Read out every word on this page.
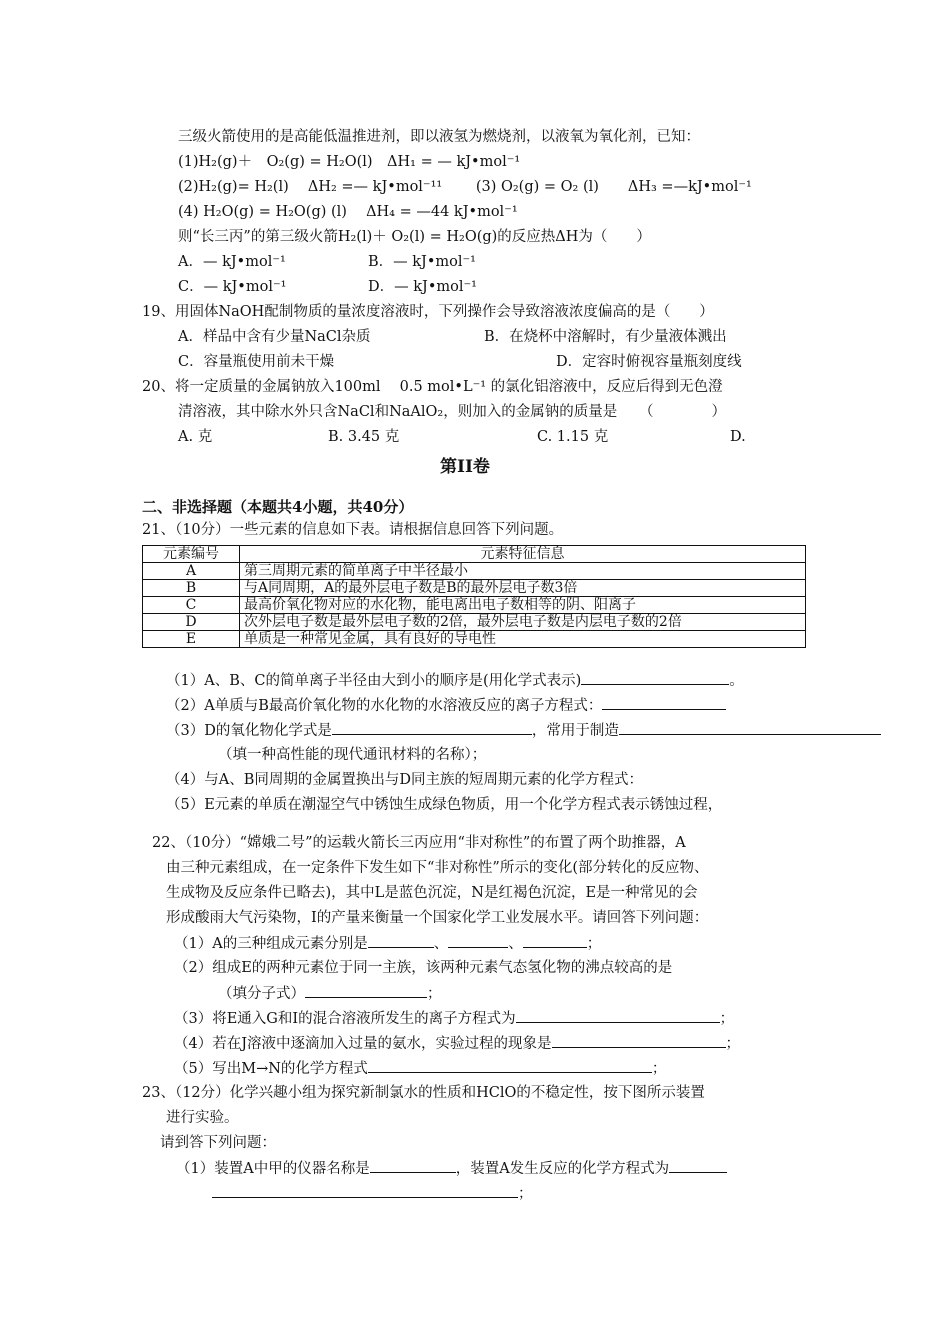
三级火箭使用的是高能低温推进剂，即以液氢为燃烧剂，以液氧为氧化剂，已知：
(1)H₂(g)＋　O₂(g) = H₂O(l)　ΔH₁ = — kJ•mol⁻¹
(2)H₂(g)= H₂(l)　 ΔH₂ =— kJ•mol⁻¹¹　　 (3) O₂(g) = O₂ (l)　　ΔH₃ =—kJ•mol⁻¹
(4) H₂O(g) = H₂O(g) (l)　 ΔH₄ = —44 kJ•mol⁻¹
则“长三丙”的第三级火箭H₂(l)＋ O₂(l) = H₂O(g)的反应热ΔH为（　　）
A．— kJ•mol⁻¹	B．— kJ•mol⁻¹
C．— kJ•mol⁻¹	D．— kJ•mol⁻¹
19、用固体NaOH配制物质的量浓度溶液时，下列操作会导致溶液浓度偏高的是（　　）
A．样品中含有少量NaCl杂质	B．在烧杯中溶解时，有少量液体溅出
C．容量瓶使用前未干燥	D．定容时俯视容量瓶刻度线
20、将一定质量的金属钠放入100ml　 0.5 mol•L⁻¹ 的氯化铝溶液中，反应后得到无色澄
清溶液，其中除水外只含NaCl和NaAlO₂，则加入的金属钠的质量是　　（　　　　）
A. 克	B. 3.45 克	C. 1.15 克	D.
第II卷
二、非选择题（本题共4小题，共40分）
21、（10分）一些元素的信息如下表。请根据信息回答下列问题。
元素编号	元素特征信息
A	第三周期元素的简单离子中半径最小
B	与A同周期，A的最外层电子数是B的最外层电子数3倍
C	最高价氧化物对应的水化物，能电离出电子数相等的阴、阳离子
D	次外层电子数是最外层电子数的2倍，最外层电子数是内层电子数的2倍
E	单质是一种常见金属，具有良好的导电性
（1）A、B、C的简单离子半径由大到小的顺序是(用化学式表示)	。
（2）A单质与B最高价氧化物的水化物的水溶液反应的离子方程式：
（3）D的氧化物化学式是	，常用于制造
（填一种高性能的现代通讯材料的名称）；
（4）与A、B同周期的金属置换出与D同主族的短周期元素的化学方程式：
（5）E元素的单质在潮湿空气中锈蚀生成绿色物质，用一个化学方程式表示锈蚀过程，
22、（10分）“嫦娥二号”的运载火箭长三丙应用“非对称性”的布置了两个助推器，A
由三种元素组成，在一定条件下发生如下“非对称性”所示的变化(部分转化的反应物、
生成物及反应条件已略去)，其中L是蓝色沉淀，N是红褐色沉淀，E是一种常见的会
形成酸雨大气污染物，I的产量来衡量一个国家化学工业发展水平。请回答下列问题：
（1）A的三种组成元素分别是	、	、	；
（2）组成E的两种元素位于同一主族，该两种元素气态氢化物的沸点较高的是
（填分子式）	；
（3）将E通入G和I的混合溶液所发生的离子方程式为	；
（4）若在J溶液中逐滴加入过量的氨水，实验过程的现象是	；
（5）写出M→N的化学方程式	；
23、（12分）化学兴趣小组为探究新制氯水的性质和HClO的不稳定性，按下图所示装置
进行实验。
请到答下列问题：
（1）装置A中甲的仪器名称是	，装置A发生反应的化学方程式为
；
